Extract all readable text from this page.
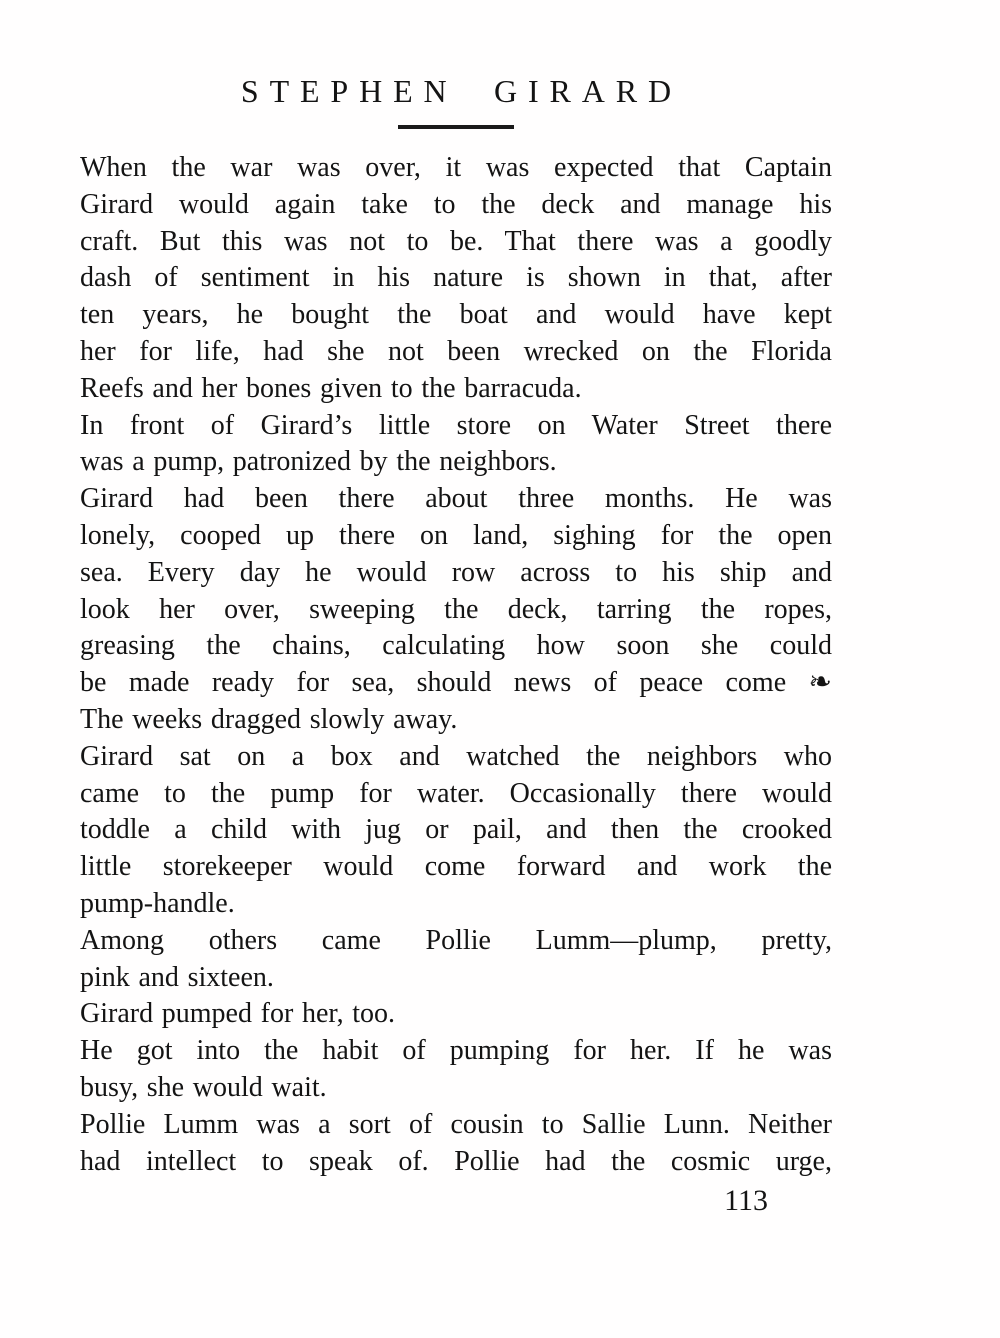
STEPHEN GIRARD
When the war was over, it was expected that Captain
Girard would again take to the deck and manage his
craft. But this was not to be. That there was a goodly
dash of sentiment in his nature is shown in that, after
ten years, he bought the boat and would have kept
her for life, had she not been wrecked on the Florida
Reefs and her bones given to the barracuda.
In front of Girard’s little store on Water Street there
was a pump, patronized by the neighbors.
Girard had been there about three months. He was
lonely, cooped up there on land, sighing for the open
sea. Every day he would row across to his ship and
look her over, sweeping the deck, tarring the ropes,
greasing the chains, calculating how soon she could
be made ready for sea, should news of peace come ❧
The weeks dragged slowly away.
Girard sat on a box and watched the neighbors who
came to the pump for water. Occasionally there would
toddle a child with jug or pail, and then the crooked
little storekeeper would come forward and work the
pump-handle.
Among others came Pollie Lumm—plump, pretty,
pink and sixteen.
Girard pumped for her, too.
He got into the habit of pumping for her. If he was
busy, she would wait.
Pollie Lumm was a sort of cousin to Sallie Lunn. Neither
had intellect to speak of. Pollie had the cosmic urge,
113
